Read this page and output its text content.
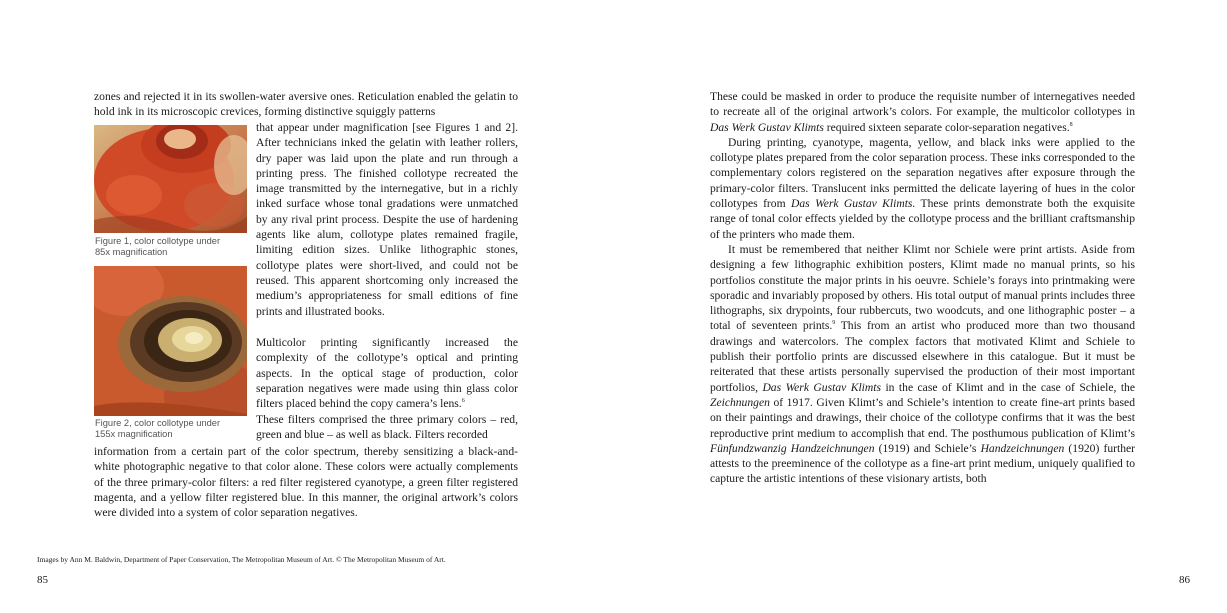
zones and rejected it in its swollen-water aversive ones. Reticulation enabled the gelatin to hold ink in its microscopic crevices, forming distinctive squiggly patterns
Figure 1, color collotype under
85x magnification
Figure 2, color collotype under
155x magnification
that appear under magnification [see Figures 1 and 2]. After technicians inked the gelatin with leather rollers, dry paper was laid upon the plate and run through a printing press. The finished collotype recreated the image transmitted by the internegative, but in a richly inked surface whose tonal gradations were unmatched by any rival print process. Despite the use of hardening agents like alum, collotype plates remained fragile, limiting edition sizes. Unlike lithographic stones, collotype plates were short-lived, and could not be reused. This apparent shortcoming only increased the medium’s appropriateness for small editions of fine prints and illustrated books.
Multicolor printing significantly increased the complexity of the collotype’s optical and printing aspects. In the optical stage of production, color separation negatives were made using thin glass color filters placed behind the copy camera’s lens.$^6$
These filters comprised the three primary colors – red, green and blue – as well as black. Filters recorded
information from a certain part of the color spectrum, thereby sensitizing a black-and-white photographic negative to that color alone. These colors were actually complements of the three primary-color filters: a red filter registered cyanotype, a green filter registered magenta, and a yellow filter registered blue. In this manner, the original artwork’s colors were divided into a system of color separation negatives.
Images by Ann M. Baldwin, Department of Paper Conservation, The Metropolitan Museum of Art. © The Metropolitan Museum of Art.
85
These could be masked in order to produce the requisite number of internegatives needed to recreate all of the original artwork’s colors. For example, the multicolor collotypes in Das Werk Gustav Klimts required sixteen separate color-separation negatives.$^8$
During printing, cyanotype, magenta, yellow, and black inks were applied to the collotype plates prepared from the color separation process. These inks corresponded to the complementary colors registered on the separation negatives after exposure through the primary-color filters. Translucent inks permitted the delicate layering of hues in the color collotypes from Das Werk Gustav Klimts. These prints demonstrate both the exquisite range of tonal color effects yielded by the collotype process and the brilliant craftsmanship of the printers who made them.
It must be remembered that neither Klimt nor Schiele were print artists. Aside from designing a few lithographic exhibition posters, Klimt made no manual prints, so his portfolios constitute the major prints in his oeuvre. Schiele’s forays into printmaking were sporadic and invariably proposed by others. His total output of manual prints includes three lithographs, six drypoints, four rubbercuts, two woodcuts, and one lithographic poster – a total of seventeen prints.$^9$ This from an artist who produced more than two thousand drawings and watercolors. The complex factors that motivated Klimt and Schiele to publish their portfolio prints are discussed elsewhere in this catalogue. But it must be reiterated that these artists personally supervised the production of their most important portfolios, Das Werk Gustav Klimts in the case of Klimt and in the case of Schiele, the Zeichnungen of 1917. Given Klimt’s and Schiele’s intention to create fine-art prints based on their paintings and drawings, their choice of the collotype confirms that it was the best reproductive print medium to accomplish that end. The posthumous publication of Klimt’s Fünfundzwanzig Handzeichnungen (1919) and Schiele’s Handzeichnungen (1920) further attests to the preeminence of the collotype as a fine-art print medium, uniquely qualified to capture the artistic intentions of these visionary artists, both
86
